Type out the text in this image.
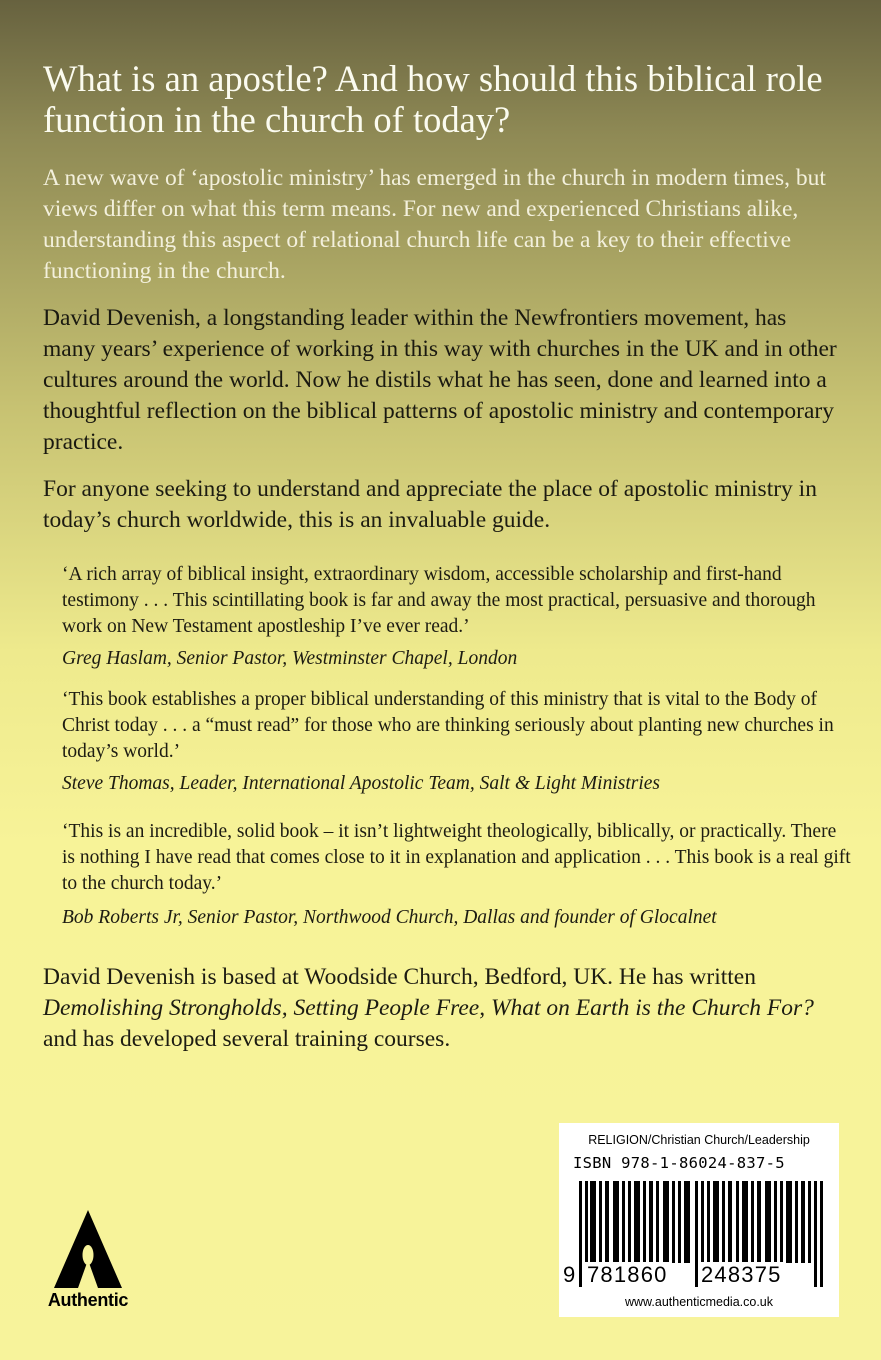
What is an apostle? And how should this biblical role function in the church of today?

A new wave of ‘apostolic ministry’ has emerged in the church in modern times, but views differ on what this term means. For new and experienced Christians alike, understanding this aspect of relational church life can be a key to their effective functioning in the church.

David Devenish, a longstanding leader within the Newfrontiers movement, has many years’ experience of working in this way with churches in the UK and in other cultures around the world. Now he distils what he has seen, done and learned into a thoughtful reflection on the biblical patterns of apostolic ministry and contemporary practice.

For anyone seeking to understand and appreciate the place of apostolic ministry in today’s church worldwide, this is an invaluable guide.

‘A rich array of biblical insight, extraordinary wisdom, accessible scholarship and first-hand testimony . . . This scintillating book is far and away the most practical, persuasive and thorough work on New Testament apostleship I’ve ever read.’

Greg Haslam, Senior Pastor, Westminster Chapel, London

‘This book establishes a proper biblical understanding of this ministry that is vital to the Body of Christ today . . . a “must read” for those who are thinking seriously about planting new churches in today’s world.’

Steve Thomas, Leader, International Apostolic Team, Salt & Light Ministries

‘This is an incredible, solid book – it isn’t lightweight theologically, biblically, or practically. There is nothing I have read that comes close to it in explanation and application . . . This book is a real gift to the church today.’

Bob Roberts Jr, Senior Pastor, Northwood Church, Dallas and founder of Glocalnet

David Devenish is based at Woodside Church, Bedford, UK. He has written Demolishing Strongholds, Setting People Free, What on Earth is the Church For? and has developed several training courses.

Authentic
RELIGION/Christian Church/Leadership
ISBN 978-1-86024-837-5
9 781860 248375
www.authenticmedia.co.uk
